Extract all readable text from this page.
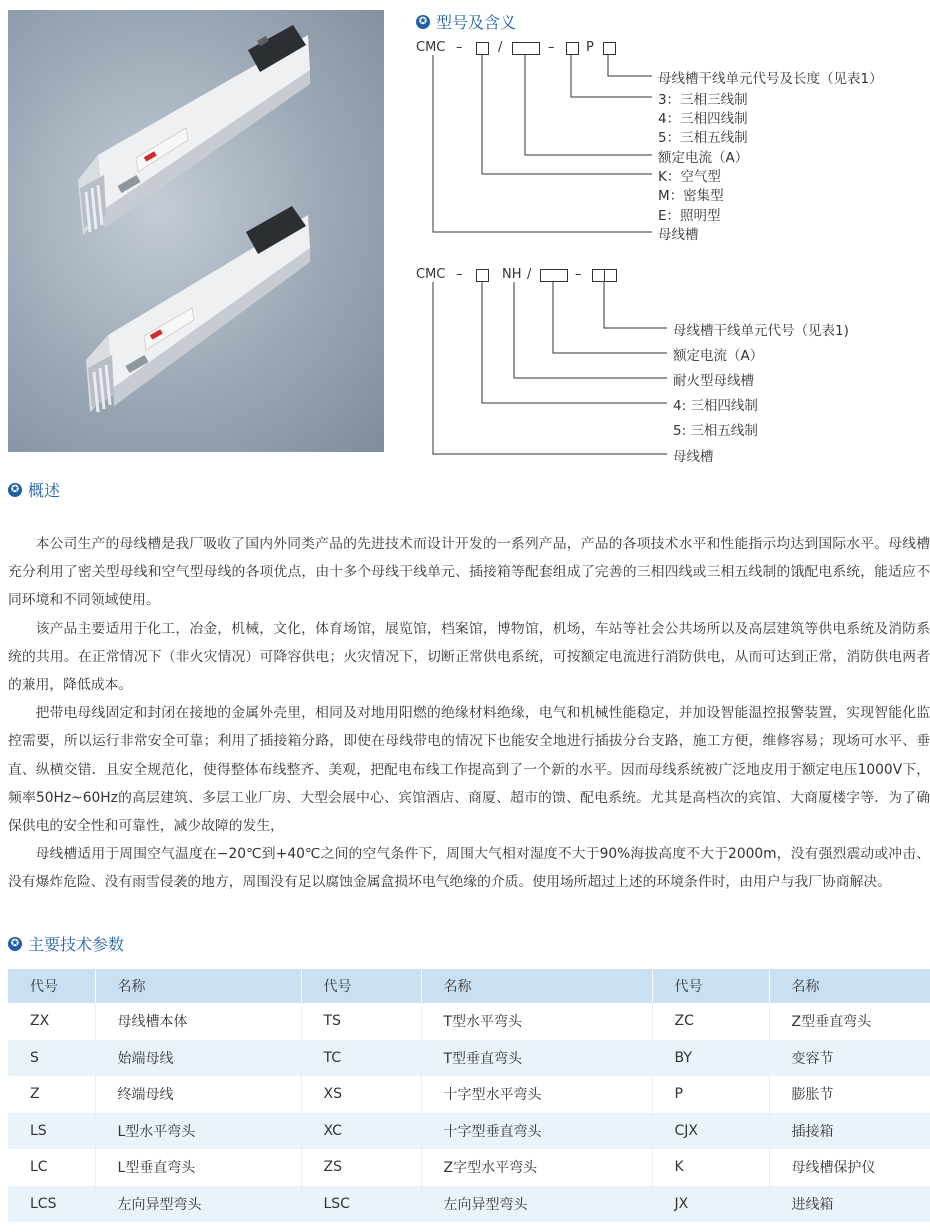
✪ 型号及含义
CMC –	/	– P
母线槽干线单元代号及长度（见表1）
3：三相三线制
4：三相四线制
5：三相五线制
额定电流（A）
K：空气型
M：密集型
E：照明型
母线槽
CMC –	NH /	–
母线槽干线单元代号（见表1)
额定电流（A）
耐火型母线槽
4: 三相四线制
5: 三相五线制
母线槽
✪ 概述

本公司生产的母线槽是我厂吸收了国内外同类产品的先进技术而设计开发的一系列产品，产品的各项技术水平和性能指示均达到国际水平。母线槽充分利用了密关型母线和空气型母线的各项优点，由十多个母线干线单元、插接箱等配套组成了完善的三相四线或三相五线制的饿配电系统，能适应不同环境和不同领域使用。

该产品主要适用于化工，冶金，机械，文化，体育场馆，展览馆，档案馆，博物馆，机场，车站等社会公共场所以及高层建筑等供电系统及消防系统的共用。在正常情况下（非火灾情况）可降容供电；火灾情况下，切断正常供电系统，可按额定电流进行消防供电，从而可达到正常，消防供电两者的兼用，降低成本。

把带电母线固定和封闭在接地的金属外壳里，相同及对地用阳燃的绝缘材料绝缘，电气和机械性能稳定，并加设智能温控报警装置，实现智能化监控需要，所以运行非常安全可靠；利用了插接箱分路，即使在母线带电的情况下也能安全地进行插拔分台支路，施工方便，维修容易；现场可水平、垂直、纵横交错．且安全规范化，使得整体布线整齐、美观，把配电布线工作提高到了一个新的水平。因而母线系统被广泛地皮用于额定电压1000V下，频率50Hz~60Hz的高层建筑、多层工业厂房、大型会展中心、宾馆酒店、商厦、超市的馈、配电系统。尤其是高档次的宾馆、大商厦楼字等．为了确保供电的安全性和可靠性，减少故障的发生，

母线槽适用于周围空气温度在−20℃到+40℃之间的空气条件下，周围大气相对湿度不大于90%海拔高度不大于2000m，没有强烈震动或冲击、没有爆炸危险、没有雨雪侵袭的地方，周围没有足以腐蚀金属盒损坏电气绝缘的介质。使用场所超过上述的环境条件时，由用户与我厂协商解决。

✪ 主要技术参数
代号	名称	代号	名称	代号	名称
ZX	母线槽本体	TS	T型水平弯头	ZC	Z型垂直弯头
S	始端母线	TC	T型垂直弯头	BY	变容节
Z	终端母线	XS	十字型水平弯头	P	膨胀节
LS	L型水平弯头	XC	十字型垂直弯头	CJX	插接箱
LC	L型垂直弯头	ZS	Z字型水平弯头	K	母线槽保护仪
LCS	左向异型弯头	LSC	左向异型弯头	JX	进线箱
